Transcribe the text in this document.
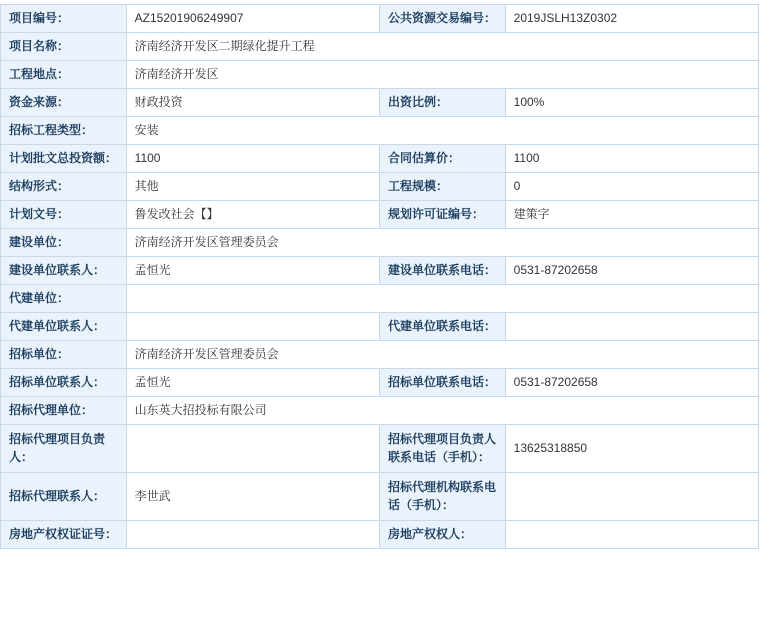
项目编号：	AZ15201906249907	公共资源交易编号：	2019JSLH13Z0302
项目名称：	济南经济开发区二期绿化提升工程		
工程地点：	济南经济开发区		
资金来源：	财政投资	出资比例：	100%
招标工程类型：	安装		
计划批文总投资额：	1100	合同估算价：	1100
结构形式：	其他	工程规模：	0
计划文号：	鲁发改社会【】	规划许可证编号：	建策字
建设单位：	济南经济开发区管理委员会		
建设单位联系人：	孟恒光	建设单位联系电话：	0531-87202658
代建单位：			
代建单位联系人：		代建单位联系电话：	
招标单位：	济南经济开发区管理委员会		
招标单位联系人：	孟恒光	招标单位联系电话：	0531-87202658
招标代理单位：	山东英大招投标有限公司		
招标代理项目负责人：		招标代理项目负责人联系电话（手机）：	13625318850
招标代理联系人：	李世武	招标代理机构联系电话（手机）：	
房地产权权证证号：		房地产权权人：	
